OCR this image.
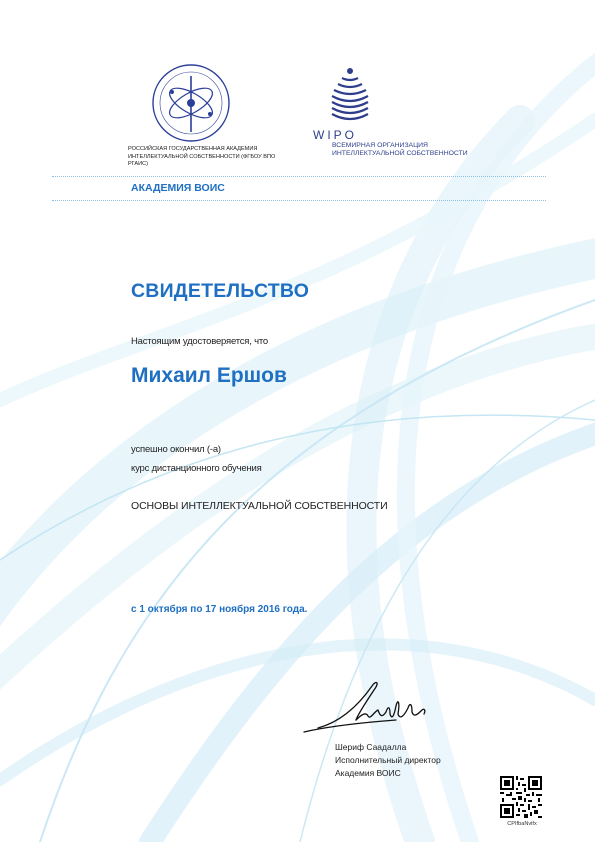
РОССИЙСКАЯ ГОСУДАРСТВЕННАЯ АКАДЕМИЯ ИНТЕЛЛЕКТУАЛЬНОЙ СОБСТВЕННОСТИ (ФГБОУ ВПО РГАИС)
WIPO
ВСЕМИРНАЯ ОРГАНИЗАЦИЯ ИНТЕЛЛЕКТУАЛЬНОЙ СОБСТВЕННОСТИ
АКАДЕМИЯ ВОИС
СВИДЕТЕЛЬСТВО
Настоящим удостоверяется, что
Михаил Ершов
успешно окончил (-а)
курс дистанционного обучения
ОСНОВЫ ИНТЕЛЛЕКТУАЛЬНОЙ СОБСТВЕННОСТИ
с 1 октября по 17 ноября 2016 года.
Шериф Саадалла
Исполнительный директор
Академия ВОИС
CPIfbaNvifx
